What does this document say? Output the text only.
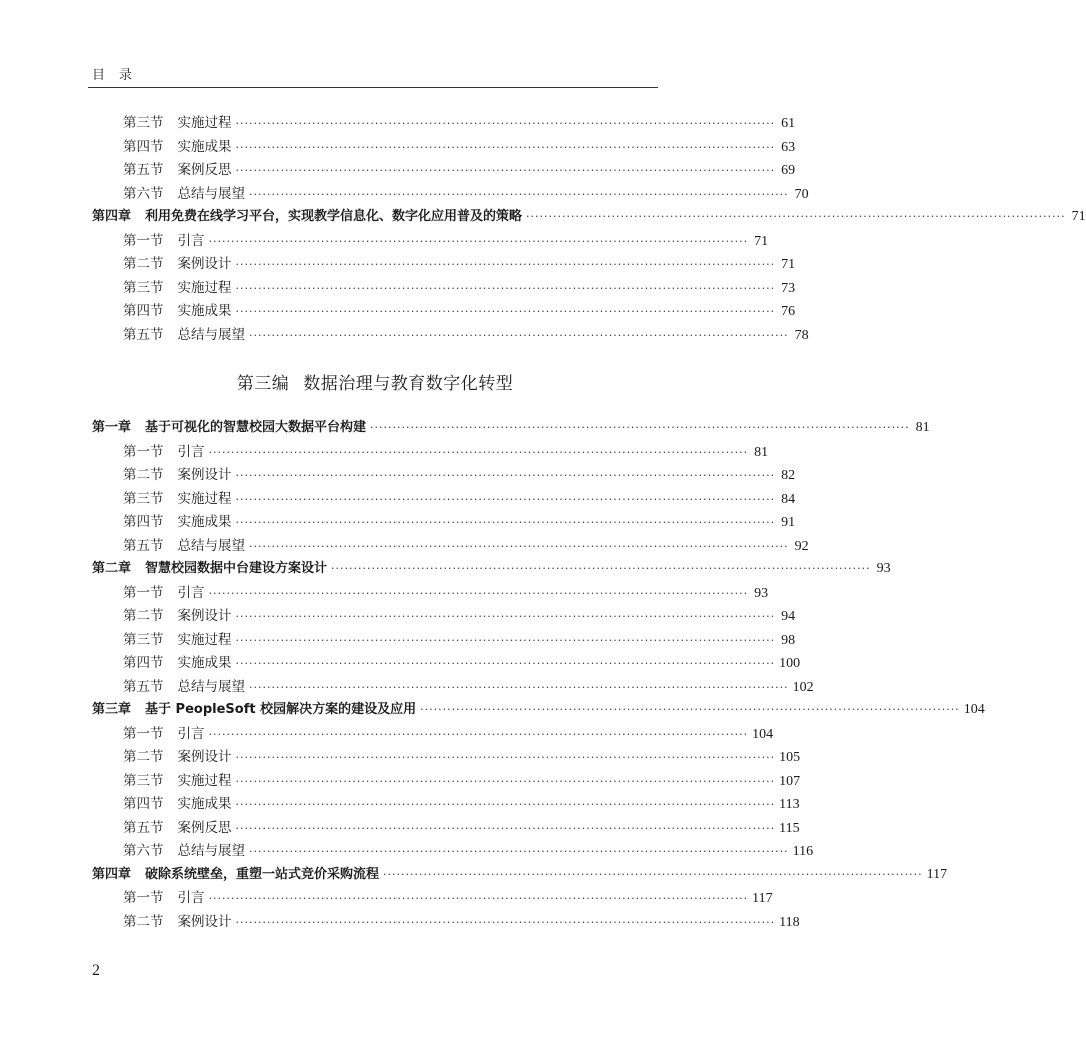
目录
第三节 实施过程 ························································································································ 61
第四节 实施成果 ························································································································ 63
第五节 案例反思 ························································································································ 69
第六节 总结与展望 ························································································································ 70
第四章 利用免费在线学习平台，实现教学信息化、数字化应用普及的策略 ························································································································ 71
第一节 引言 ························································································································ 71
第二节 案例设计 ························································································································ 71
第三节 实施过程 ························································································································ 73
第四节 实施成果 ························································································································ 76
第五节 总结与展望 ························································································································ 78
第三编 数据治理与教育数字化转型
第一章 基于可视化的智慧校园大数据平台构建 ························································································································ 81
第一节 引言 ························································································································ 81
第二节 案例设计 ························································································································ 82
第三节 实施过程 ························································································································ 84
第四节 实施成果 ························································································································ 91
第五节 总结与展望 ························································································································ 92
第二章 智慧校园数据中台建设方案设计 ························································································································ 93
第一节 引言 ························································································································ 93
第二节 案例设计 ························································································································ 94
第三节 实施过程 ························································································································ 98
第四节 实施成果 ························································································································ 100
第五节 总结与展望 ························································································································ 102
第三章 基于 PeopleSoft 校园解决方案的建设及应用 ························································································································ 104
第一节 引言 ························································································································ 104
第二节 案例设计 ························································································································ 105
第三节 实施过程 ························································································································ 107
第四节 实施成果 ························································································································ 113
第五节 案例反思 ························································································································ 115
第六节 总结与展望 ························································································································ 116
第四章 破除系统壁垒，重塑一站式竞价采购流程 ························································································································ 117
第一节 引言 ························································································································ 117
第二节 案例设计 ························································································································ 118
2
